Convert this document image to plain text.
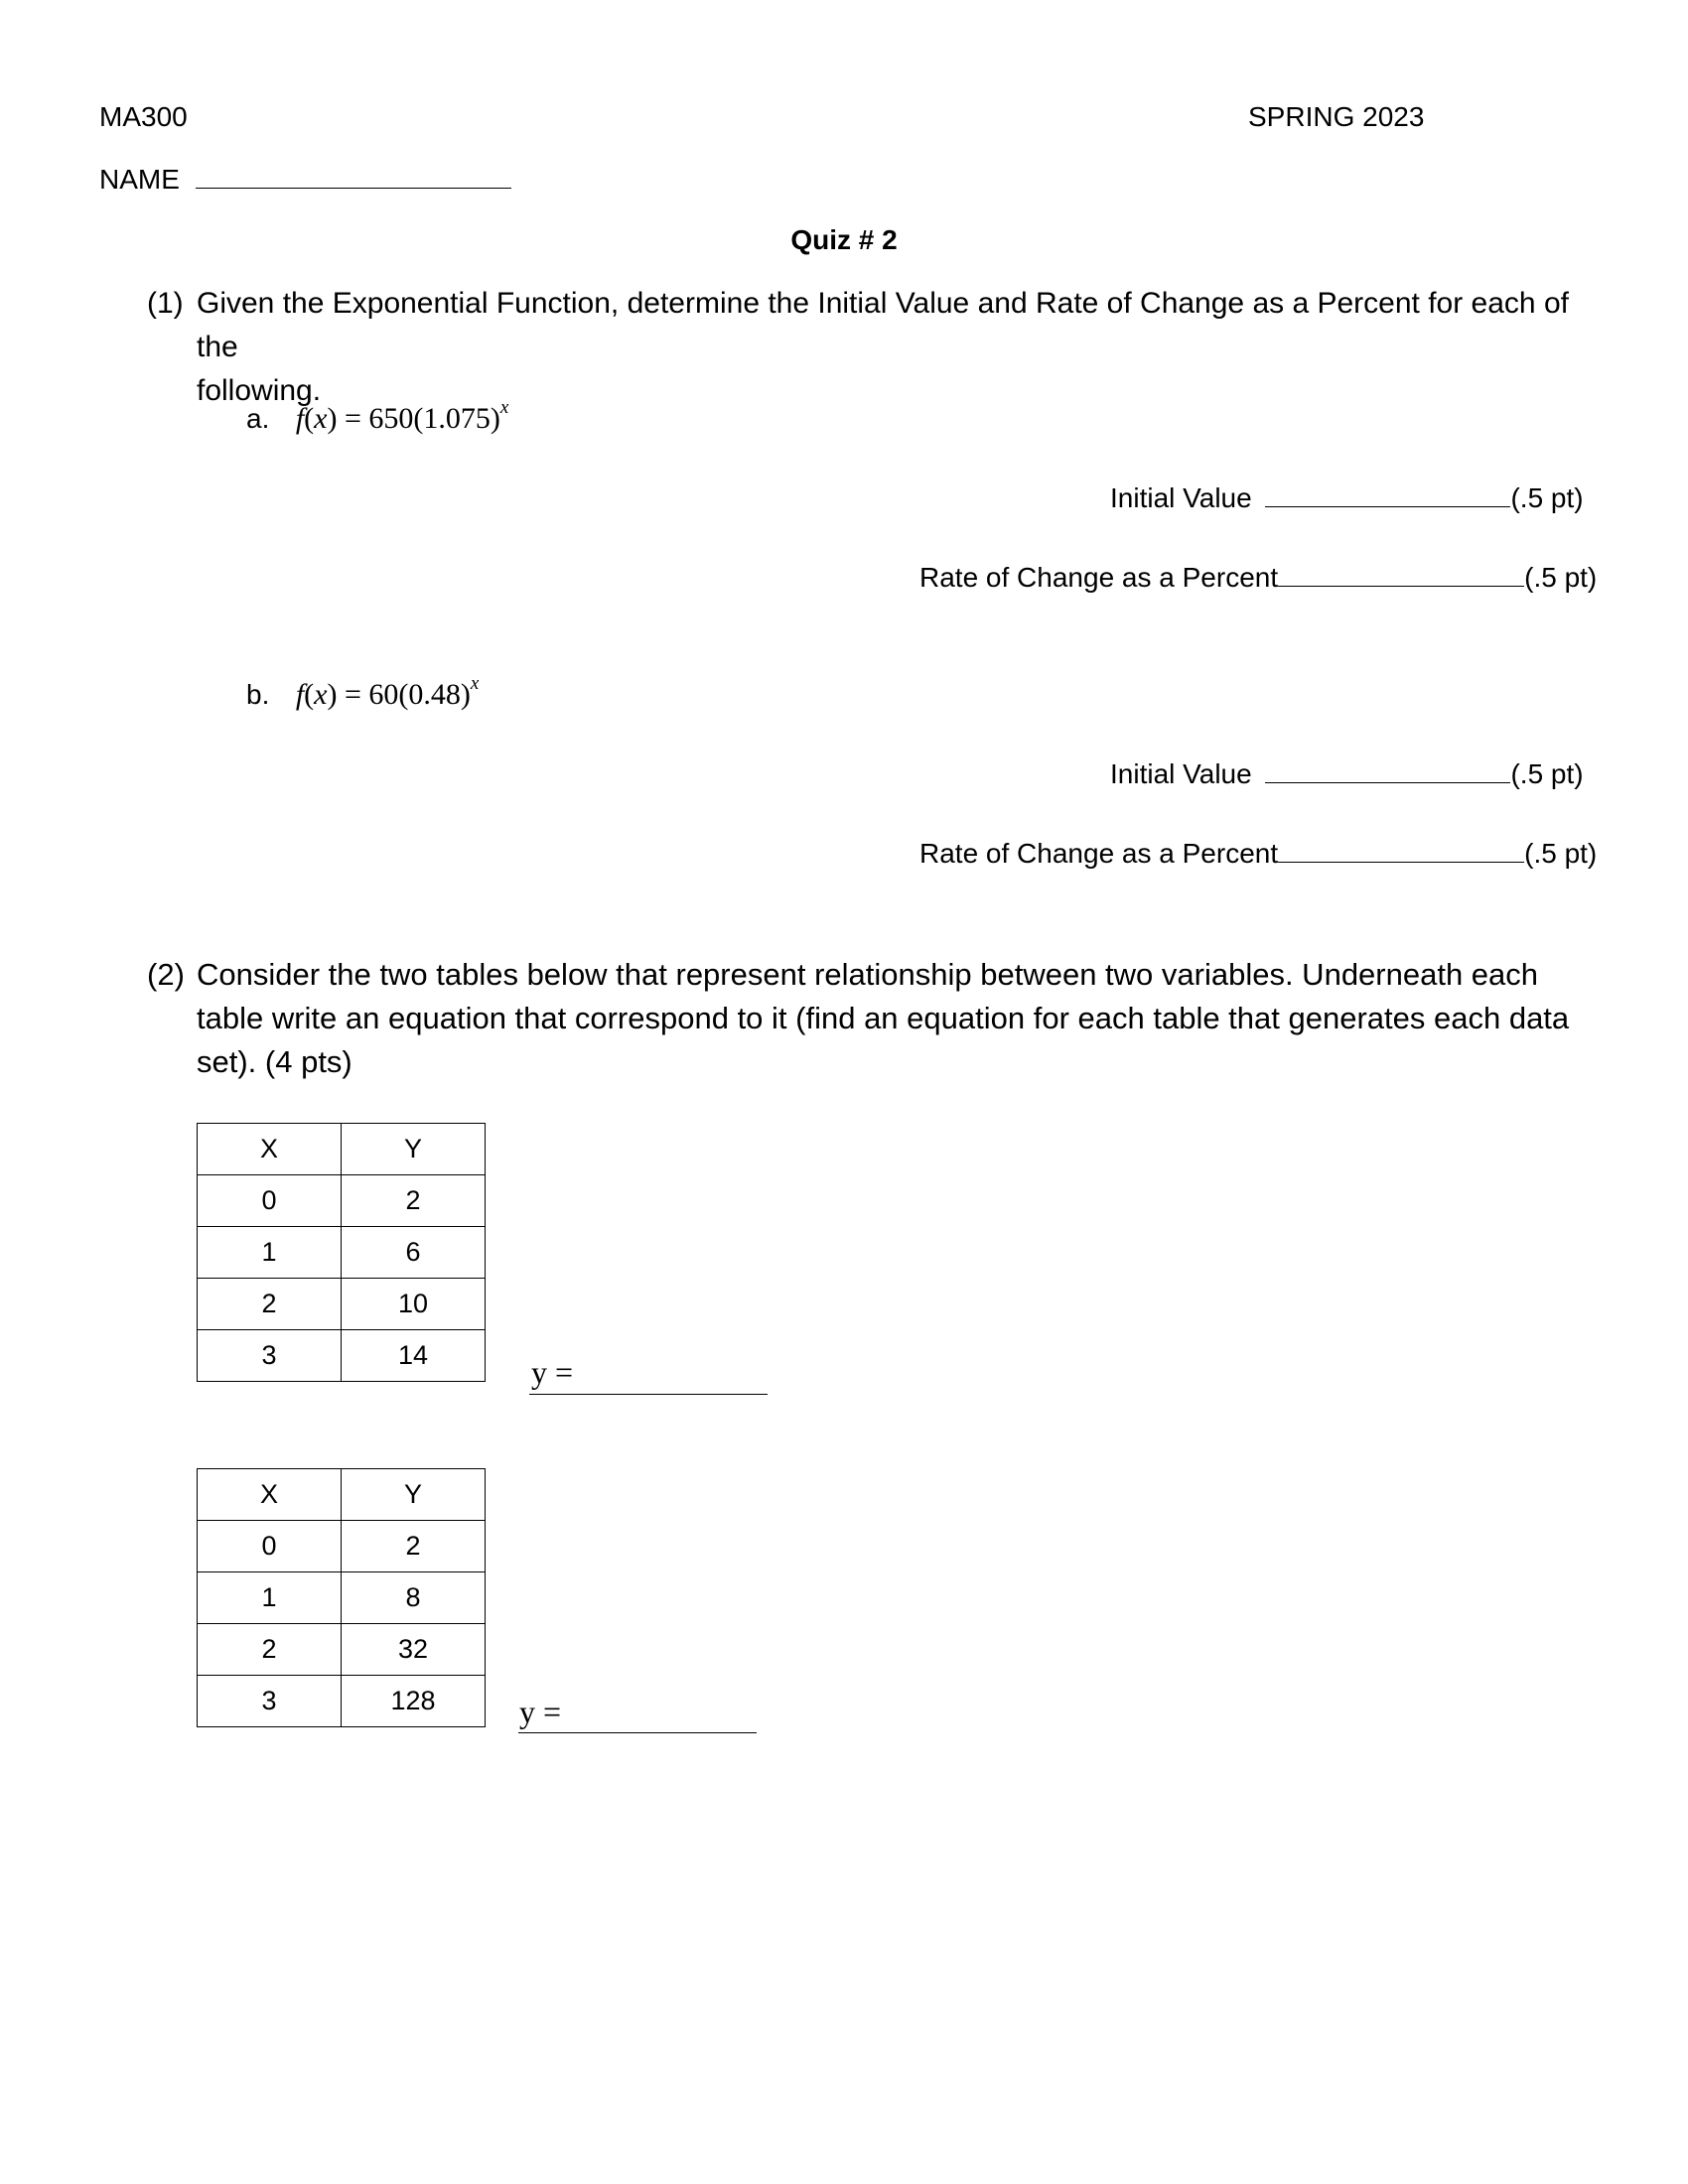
MA300	SPRING 2023
NAME
Quiz # 2
(1) Given the Exponential Function, determine the Initial Value and Rate of Change as a Percent for each of the
following.
a. $f(x) = 650(1.075)^x$
Initial Value	(.5 pt)
Rate of Change as a Percent	(.5 pt)
b. $f(x) = 60(0.48)^x$
Initial Value	(.5 pt)
Rate of Change as a Percent	(.5 pt)
(2) Consider the two tables below that represent relationship between two variables. Underneath each
table write an equation that correspond to it (find an equation for each table that generates each data
set). (4 pts)
X	Y
0	2
1	6
2	10
3	14	y =
X	Y
0	2
1	8
2	32
3	128	y =
